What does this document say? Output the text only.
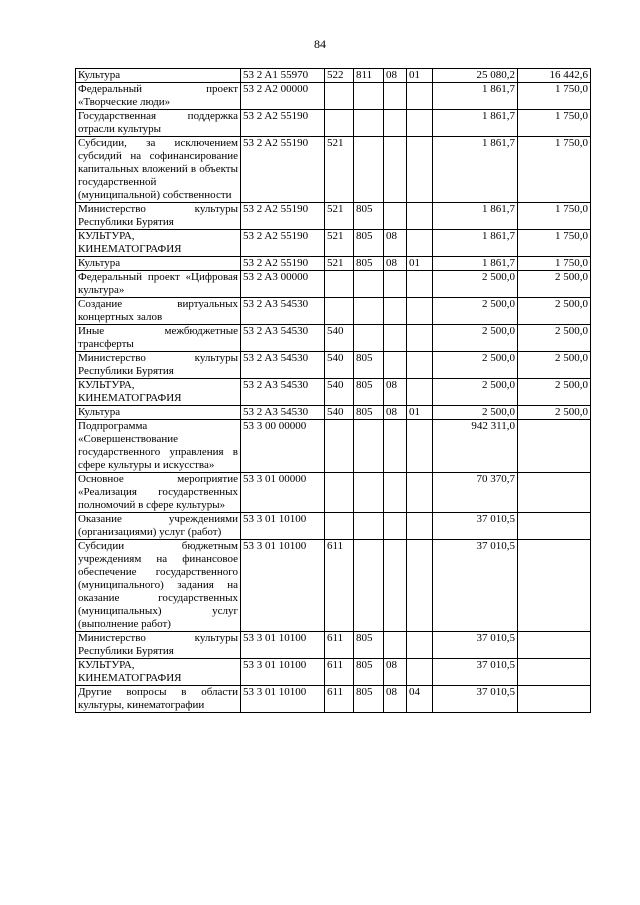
84
Культура	53 2 A1 55970	522	811	08	01	25 080,2	16 442,6
Федеральный проект «Творческие люди»	53 2 A2 00000					1 861,7	1 750,0
Государственная поддержка отрасли культуры	53 2 A2 55190					1 861,7	1 750,0
Субсидии, за исключением субсидий на софинансирование капитальных вложений в объекты государственной (муниципальной) собственности	53 2 A2 55190	521				1 861,7	1 750,0
Министерство культуры Республики Бурятия	53 2 A2 55190	521	805			1 861,7	1 750,0
КУЛЬТУРА, КИНЕМАТОГРАФИЯ	53 2 A2 55190	521	805	08		1 861,7	1 750,0
Культура	53 2 A2 55190	521	805	08	01	1 861,7	1 750,0
Федеральный проект «Цифровая культура»	53 2 A3 00000					2 500,0	2 500,0
Создание виртуальных концертных залов	53 2 A3 54530					2 500,0	2 500,0
Иные межбюджетные трансферты	53 2 A3 54530	540				2 500,0	2 500,0
Министерство культуры Республики Бурятия	53 2 A3 54530	540	805			2 500,0	2 500,0
КУЛЬТУРА, КИНЕМАТОГРАФИЯ	53 2 A3 54530	540	805	08		2 500,0	2 500,0
Культура	53 2 A3 54530	540	805	08	01	2 500,0	2 500,0
Подпрограмма «Совершенствование государственного управления в сфере культуры и искусства»	53 3 00 00000					942 311,0	
Основное мероприятие «Реализация государственных полномочий в сфере культуры»	53 3 01 00000					70 370,7	
Оказание учреждениями (организациями) услуг (работ)	53 3 01 10100					37 010,5	
Субсидии бюджетным учреждениям на финансовое обеспечение государственного (муниципального) задания на оказание государственных (муниципальных) услуг (выполнение работ)	53 3 01 10100	611				37 010,5	
Министерство культуры Республики Бурятия	53 3 01 10100	611	805			37 010,5	
КУЛЬТУРА, КИНЕМАТОГРАФИЯ	53 3 01 10100	611	805	08		37 010,5	
Другие вопросы в области культуры, кинематографии	53 3 01 10100	611	805	08	04	37 010,5	
